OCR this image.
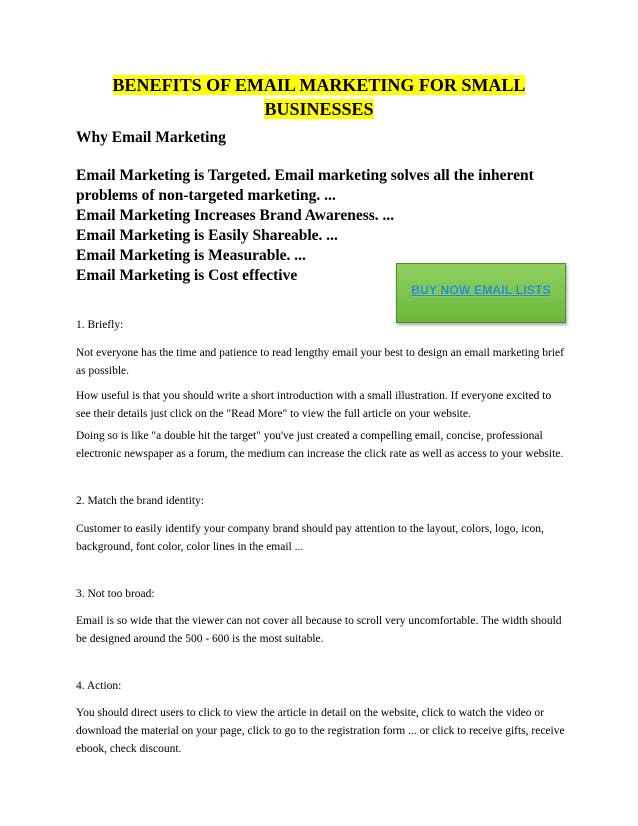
BENEFITS OF EMAIL MARKETING FOR SMALL
BUSINESSES
Why Email Marketing
Email Marketing is Targeted. Email marketing solves all the inherent
problems of non-targeted marketing. ...
Email Marketing Increases Brand Awareness. ...
Email Marketing is Easily Shareable. ...
Email Marketing is Measurable. ...
Email Marketing is Cost effective
BUY NOW EMAIL LISTS

1. Briefly:

Not everyone has the time and patience to read lengthy email your best to design an email marketing brief as possible.

How useful is that you should write a short introduction with a small illustration. If everyone excited to see their details just click on the "Read More" to view the full article on your website.

Doing so is like "a double hit the target" you've just created a compelling email, concise, professional electronic newspaper as a forum, the medium can increase the click rate as well as access to your website.

2. Match the brand identity:

Customer to easily identify your company brand should pay attention to the layout, colors, logo, icon, background, font color, color lines in the email ...

3. Not too broad:

Email is so wide that the viewer can not cover all because to scroll very uncomfortable. The width should be designed around the 500 - 600 is the most suitable.

4. Action:

You should direct users to click to view the article in detail on the website, click to watch the video or download the material on your page, click to go to the registration form ... or click to receive gifts, receive ebook, check discount.
